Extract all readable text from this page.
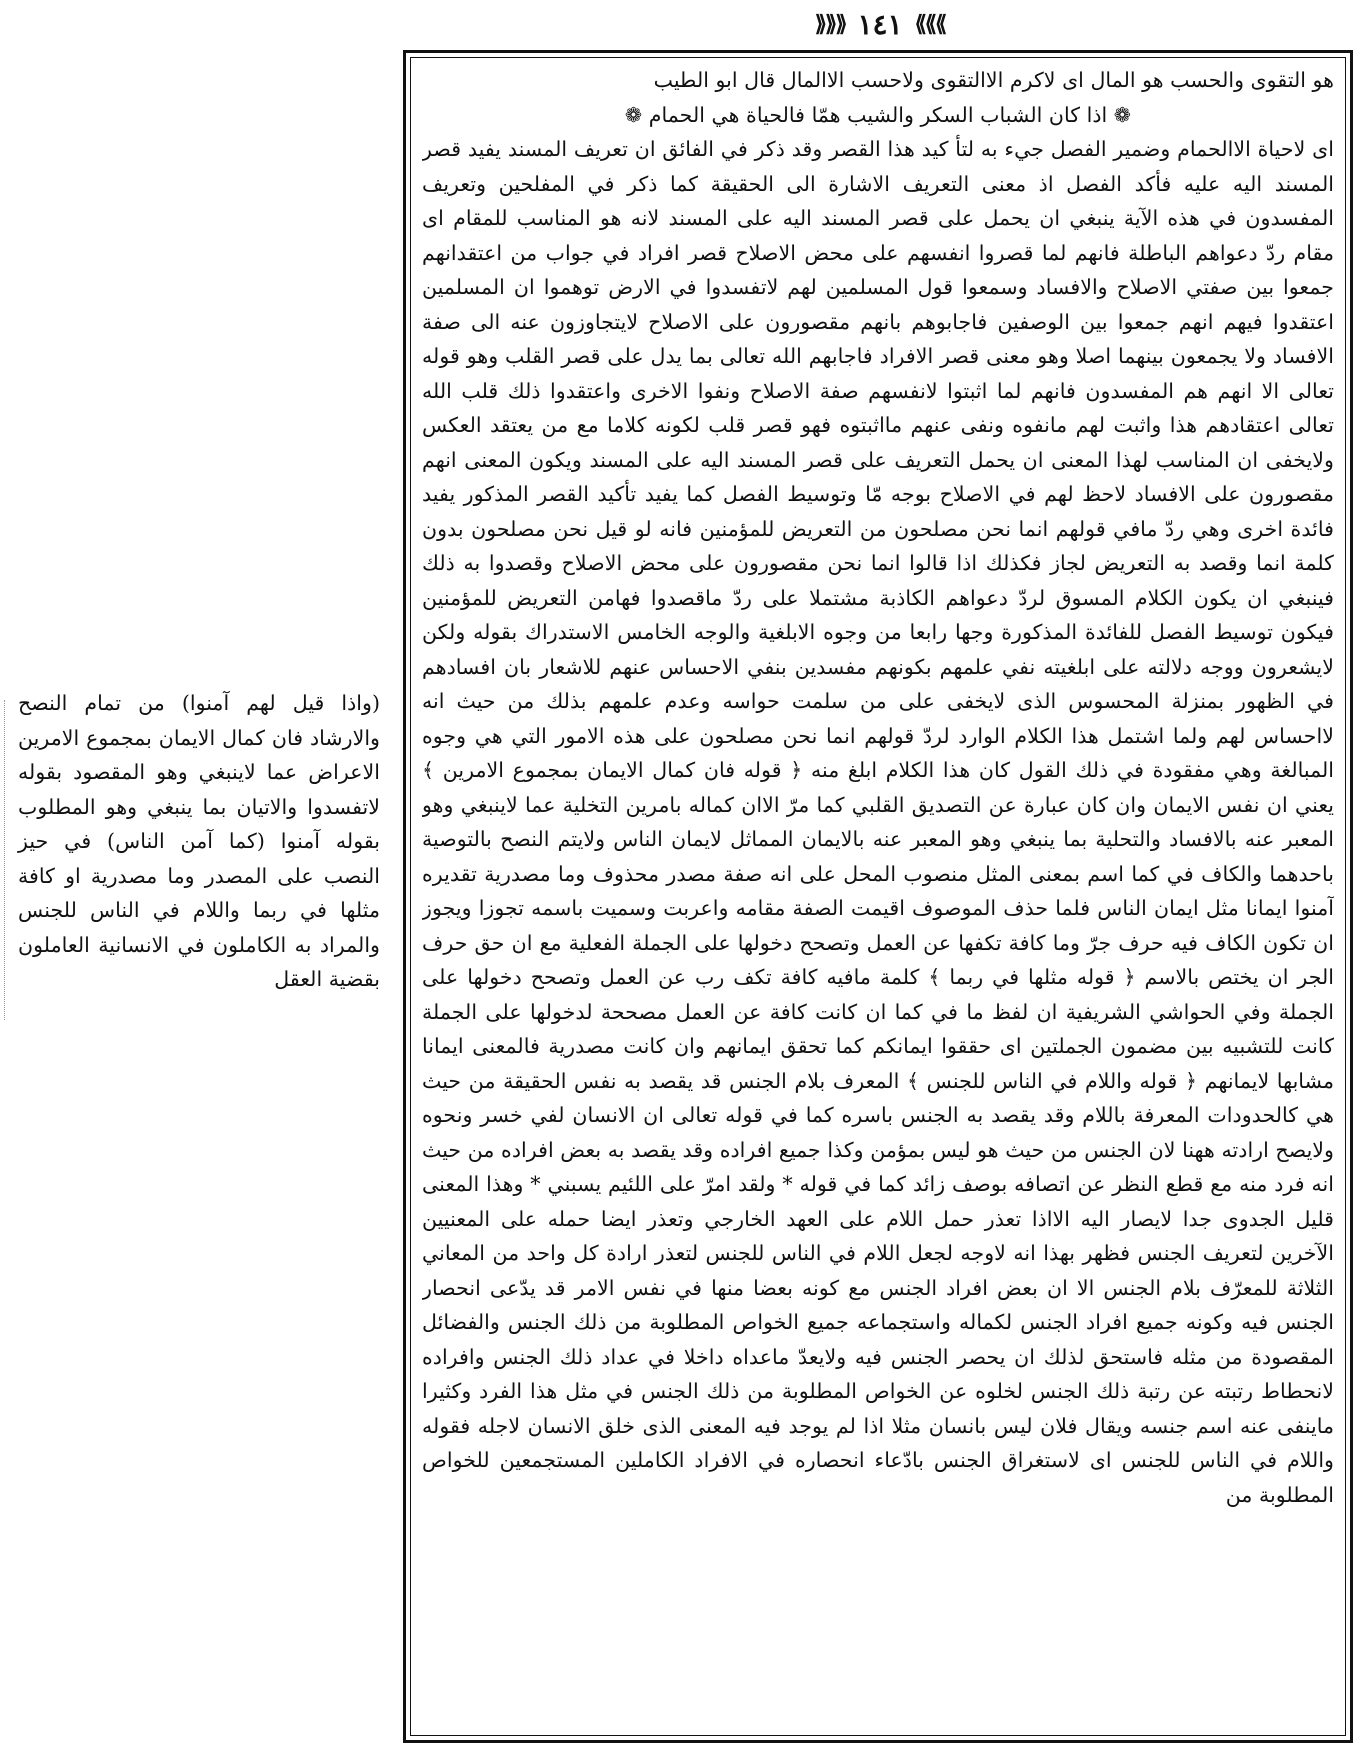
⟫⟫⟫ ١٤١ ⟪⟪⟪

هو التقوى والحسب هو المال اى لاكرم الاالتقوى ولاحسب الاالمال قال ابو الطيب

❁ اذا كان الشباب السكر والشيب همّا فالحياة هي الحمام ❁

اى لاحياة الاالحمام وضمير الفصل جيء به لتأ كيد هذا القصر وقد ذكر في الفائق ان تعريف المسند يفيد قصر المسند اليه عليه فأكد الفصل اذ معنى التعريف الاشارة الى الحقيقة كما ذكر في المفلحين وتعريف المفسدون في هذه الآية ينبغي ان يحمل على قصر المسند اليه على المسند لانه هو المناسب للمقام اى مقام ردّ دعواهم الباطلة فانهم لما قصروا انفسهم على محض الاصلاح قصر افراد في جواب من اعتقدانهم جمعوا بين صفتي الاصلاح والافساد وسمعوا قول المسلمين لهم لاتفسدوا في الارض توهموا ان المسلمين اعتقدوا فيهم انهم جمعوا بين الوصفين فاجابوهم بانهم مقصورون على الاصلاح لايتجاوزون عنه الى صفة الافساد ولا يجمعون بينهما اصلا وهو معنى قصر الافراد فاجابهم الله تعالى بما يدل على قصر القلب وهو قوله تعالى الا انهم هم المفسدون فانهم لما اثبتوا لانفسهم صفة الاصلاح ونفوا الاخرى واعتقدوا ذلك قلب الله تعالى اعتقادهم هذا واثبت لهم مانفوه ونفى عنهم مااثبتوه فهو قصر قلب لكونه كلاما مع من يعتقد العكس ولايخفى ان المناسب لهذا المعنى ان يحمل التعريف على قصر المسند اليه على المسند ويكون المعنى انهم مقصورون على الافساد لاحظ لهم في الاصلاح بوجه مّا وتوسيط الفصل كما يفيد تأكيد القصر المذكور يفيد فائدة اخرى وهي ردّ مافي قولهم انما نحن مصلحون من التعريض للمؤمنين فانه لو قيل نحن مصلحون بدون كلمة انما وقصد به التعريض لجاز فكذلك اذا قالوا انما نحن مقصورون على محض الاصلاح وقصدوا به ذلك فينبغي ان يكون الكلام المسوق لردّ دعواهم الكاذبة مشتملا على ردّ ماقصدوا فهامن التعريض للمؤمنين فيكون توسيط الفصل للفائدة المذكورة وجها رابعا من وجوه الابلغية والوجه الخامس الاستدراك بقوله ولكن لايشعرون ووجه دلالته على ابلغيته نفي علمهم بكونهم مفسدين بنفي الاحساس عنهم للاشعار بان افسادهم في الظهور بمنزلة المحسوس الذى لايخفى على من سلمت حواسه وعدم علمهم بذلك من حيث انه لااحساس لهم ولما اشتمل هذا الكلام الوارد لردّ قولهم انما نحن مصلحون على هذه الامور التي هي وجوه المبالغة وهي مفقودة في ذلك القول كان هذا الكلام ابلغ منه ﴿ قوله فان كمال الايمان بمجموع الامرين ﴾ يعني ان نفس الايمان وان كان عبارة عن التصديق القلبي كما مرّ الاان كماله بامرين التخلية عما لاينبغي وهو المعبر عنه بالافساد والتحلية بما ينبغي وهو المعبر عنه بالايمان المماثل لايمان الناس ولايتم النصح بالتوصية باحدهما والكاف في كما اسم بمعنى المثل منصوب المحل على انه صفة مصدر محذوف وما مصدرية تقديره آمنوا ايمانا مثل ايمان الناس فلما حذف الموصوف اقيمت الصفة مقامه واعربت وسميت باسمه تجوزا ويجوز ان تكون الكاف فيه حرف جرّ وما كافة تكفها عن العمل وتصحح دخولها على الجملة الفعلية مع ان حق حرف الجر ان يختص بالاسم ﴿ قوله مثلها في ربما ﴾ كلمة مافيه كافة تكف رب عن العمل وتصحح دخولها على الجملة وفي الحواشي الشريفية ان لفظ ما في كما ان كانت كافة عن العمل مصححة لدخولها على الجملة كانت للتشبيه بين مضمون الجملتين اى حققوا ايمانكم كما تحقق ايمانهم وان كانت مصدرية فالمعنى ايمانا مشابها لايمانهم ﴿ قوله واللام في الناس للجنس ﴾ المعرف بلام الجنس قد يقصد به نفس الحقيقة من حيث هي كالحدودات المعرفة باللام وقد يقصد به الجنس باسره كما في قوله تعالى ان الانسان لفي خسر ونحوه ولايصح ارادته ههنا لان الجنس من حيث هو ليس بمؤمن وكذا جميع افراده وقد يقصد به بعض افراده من حيث انه فرد منه مع قطع النظر عن اتصافه بوصف زائد كما في قوله * ولقد امرّ على اللئيم يسبني * وهذا المعنى قليل الجدوى جدا لايصار اليه الااذا تعذر حمل اللام على العهد الخارجي وتعذر ايضا حمله على المعنيين الآخرين لتعريف الجنس فظهر بهذا انه لاوجه لجعل اللام في الناس للجنس لتعذر ارادة كل واحد من المعاني الثلاثة للمعرّف بلام الجنس الا ان بعض افراد الجنس مع كونه بعضا منها في نفس الامر قد يدّعى انحصار الجنس فيه وكونه جميع افراد الجنس لكماله واستجماعه جميع الخواص المطلوبة من ذلك الجنس والفضائل المقصودة من مثله فاستحق لذلك ان يحصر الجنس فيه ولايعدّ ماعداه داخلا في عداد ذلك الجنس وافراده لانحطاط رتبته عن رتبة ذلك الجنس لخلوه عن الخواص المطلوبة من ذلك الجنس في مثل هذا الفرد وكثيرا ماينفى عنه اسم جنسه ويقال فلان ليس بانسان مثلا اذا لم يوجد فيه المعنى الذى خلق الانسان لاجله فقوله واللام في الناس للجنس اى لاستغراق الجنس بادّعاء انحصاره في الافراد الكاملين المستجمعين للخواص المطلوبة من

(واذا قيل لهم آمنوا) من تمام النصح والارشاد فان كمال الايمان بمجموع الامرين الاعراض عما لاينبغي وهو المقصود بقوله لاتفسدوا والاتيان بما ينبغي وهو المطلوب بقوله آمنوا (كما آمن الناس) في حيز النصب على المصدر وما مصدرية او كافة مثلها في ربما واللام في الناس للجنس والمراد به الكاملون في الانسانية العاملون بقضية العقل
